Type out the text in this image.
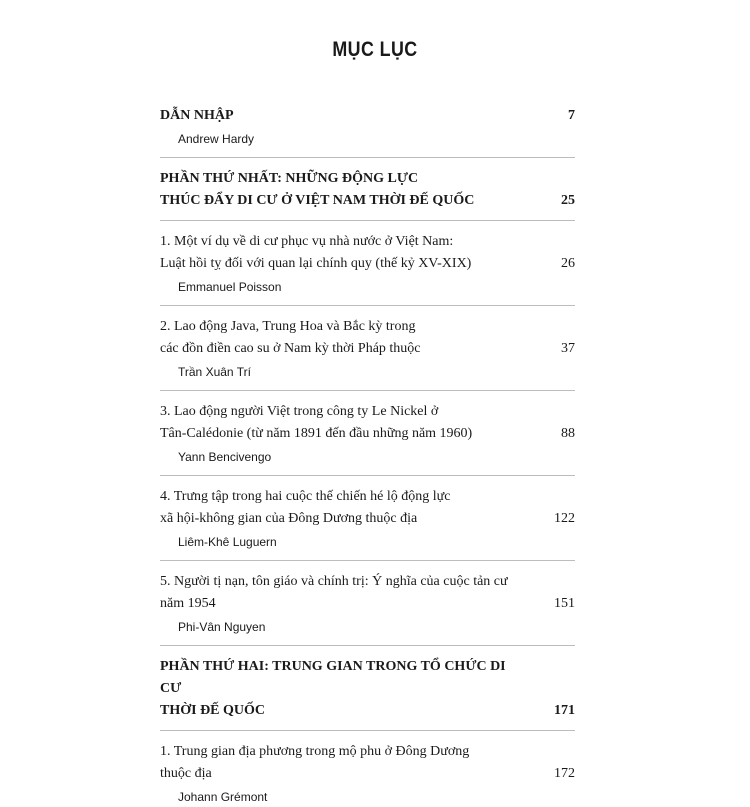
MỤC LỤC
DẪN NHẬP	7
Andrew Hardy
PHẦN THỨ NHẤT: NHỮNG ĐỘNG LỰC
THÚC ĐẨY DI CƯ Ở VIỆT NAM THỜI ĐẾ QUỐC	25
1. Một ví dụ về di cư phục vụ nhà nước ở Việt Nam:
Luật hồi tỵ đối với quan lại chính quy (thế kỷ XV-XIX)	26
Emmanuel Poisson
2. Lao động Java, Trung Hoa và Bắc kỳ trong
các đồn điền cao su ở Nam kỳ thời Pháp thuộc	37
Trần Xuân Trí
3. Lao động người Việt trong công ty Le Nickel ở
Tân-Calédonie (từ năm 1891 đến đầu những năm 1960)	88
Yann Bencivengo
4. Trưng tập trong hai cuộc thế chiến hé lộ động lực
xã hội-không gian của Đông Dương thuộc địa	122
Liêm-Khê Luguern
5. Người tị nạn, tôn giáo và chính trị: Ý nghĩa của cuộc tản cư
năm 1954	151
Phi-Vân Nguyen
PHẦN THỨ HAI: TRUNG GIAN TRONG TỔ CHỨC DI CƯ
THỜI ĐẾ QUỐC	171
1. Trung gian địa phương trong mộ phu ở Đông Dương
thuộc địa	172
Johann Grémont
